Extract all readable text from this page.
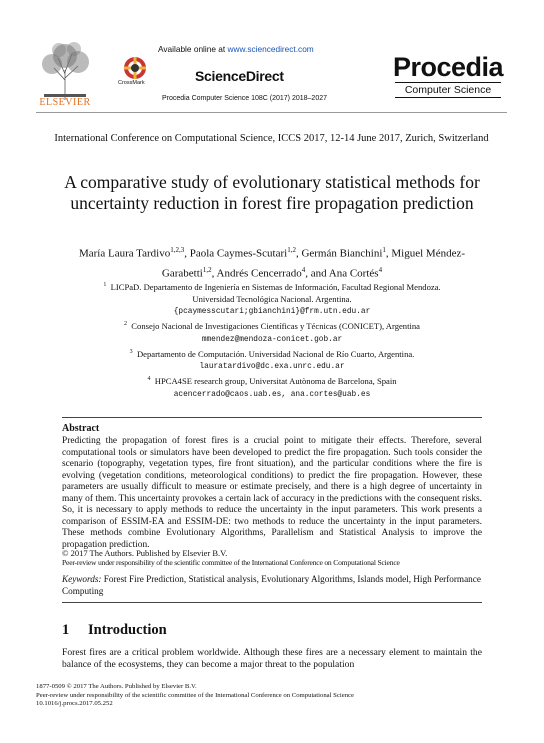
ELSEVIER
Available online at www.sciencedirect.com
CrossMark	ScienceDirect
Procedia Computer Science 108C (2017) 2018–2027
Procedia
Computer Science
International Conference on Computational Science, ICCS 2017, 12-14 June 2017, Zurich, Switzerland
A comparative study of evolutionary statistical methods for uncertainty reduction in forest fire propagation prediction
María Laura Tardivo$^{1,2,3}$, Paola Caymes-Scutari$^{1,2}$, Germán Bianchini$^1$, Miguel Méndez-Garabetti$^{1,2}$, Andrés Cencerrado$^4$, and Ana Cortés$^4$
$^1$ LICPaD. Departamento de Ingeniería en Sistemas de Información, Facultad Regional Mendoza.
Universidad Tecnológica Nacional. Argentina.
{pcaymesscutari;gbianchini}@frm.utn.edu.ar
$^2$ Consejo Nacional de Investigaciones Científicas y Técnicas (CONICET), Argentina
mmendez@mendoza-conicet.gob.ar
$^3$ Departamento de Computación. Universidad Nacional de Río Cuarto, Argentina.
lauratardivo@dc.exa.unrc.edu.ar
$^4$ HPCA4SE research group, Universitat Autònoma de Barcelona, Spain
acencerrado@caos.uab.es, ana.cortes@uab.es
Abstract
Predicting the propagation of forest fires is a crucial point to mitigate their effects. Therefore, several computational tools or simulators have been developed to predict the fire propagation. Such tools consider the scenario (topography, vegetation types, fire front situation), and the particular conditions where the fire is evolving (vegetation conditions, meteorological conditions) to predict the fire propagation. However, these parameters are usually difficult to measure or estimate precisely, and there is a high degree of uncertainty in many of them. This uncertainty provokes a certain lack of accuracy in the predictions with the consequent risks. So, it is necessary to apply methods to reduce the uncertainty in the input parameters. This work presents a comparison of ESSIM-EA and ESSIM-DE: two methods to reduce the uncertainty in the input parameters. These methods combine Evolutionary Algorithms, Parallelism and Statistical Analysis to improve the propagation prediction.
© 2017 The Authors. Published by Elsevier B.V.
Peer-review under responsibility of the scientific committee of the International Conference on Computational Science
Keywords: Forest Fire Prediction, Statistical analysis, Evolutionary Algorithms, Islands model, High Performance Computing
1 Introduction
Forest fires are a critical problem worldwide. Although these fires are a necessary element to maintain the balance of the ecosystems, they can become a major threat to the population
1877-0509 © 2017 The Authors. Published by Elsevier B.V.
Peer-review under responsibility of the scientific committee of the International Conference on Computational Science
10.1016/j.procs.2017.05.252
